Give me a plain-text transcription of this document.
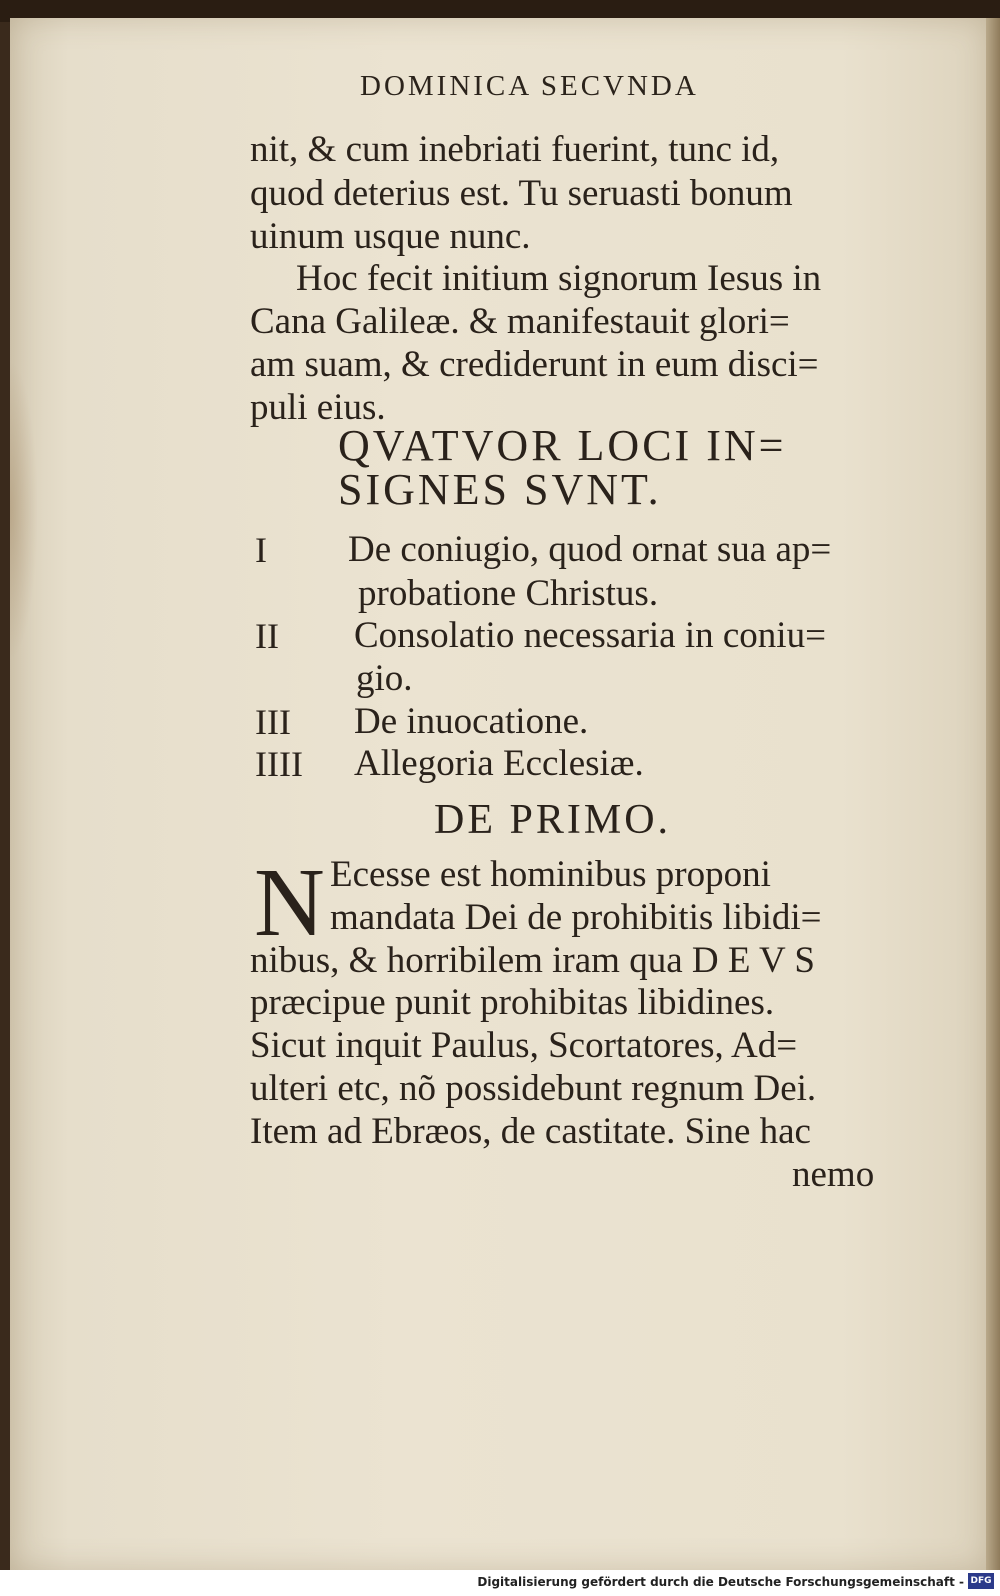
DOMINICA SECVNDA
nit, & cum inebriati fuerint, tunc id,
quod deterius est. Tu seruasti bonum
uinum usque nunc.
Hoc fecit initium signorum Iesus in
Cana Galileæ. & manifestauit glori=
am suam, & crediderunt in eum disci=
puli eius.
QVATVOR LOCI IN=
SIGNES SVNT.
I De coniugio, quod ornat sua ap=
probatione Christus.
II Consolatio necessaria in coniu=
gio.
III De inuocatione.
IIII Allegoria Ecclesiæ.
DE PRIMO.
N Ecesse est hominibus proponi
mandata Dei de prohibitis libidi=
nibus, & horribilem iram qua D E V S
præcipue punit prohibitas libidines.
Sicut inquit Paulus, Scortatores, Ad=
ulteri etc, nõ possidebunt regnum Dei.
Item ad Ebræos, de castitate. Sine hac
nemo
Digitalisierung gefördert durch die Deutsche Forschungsgemeinschaft - DFG
